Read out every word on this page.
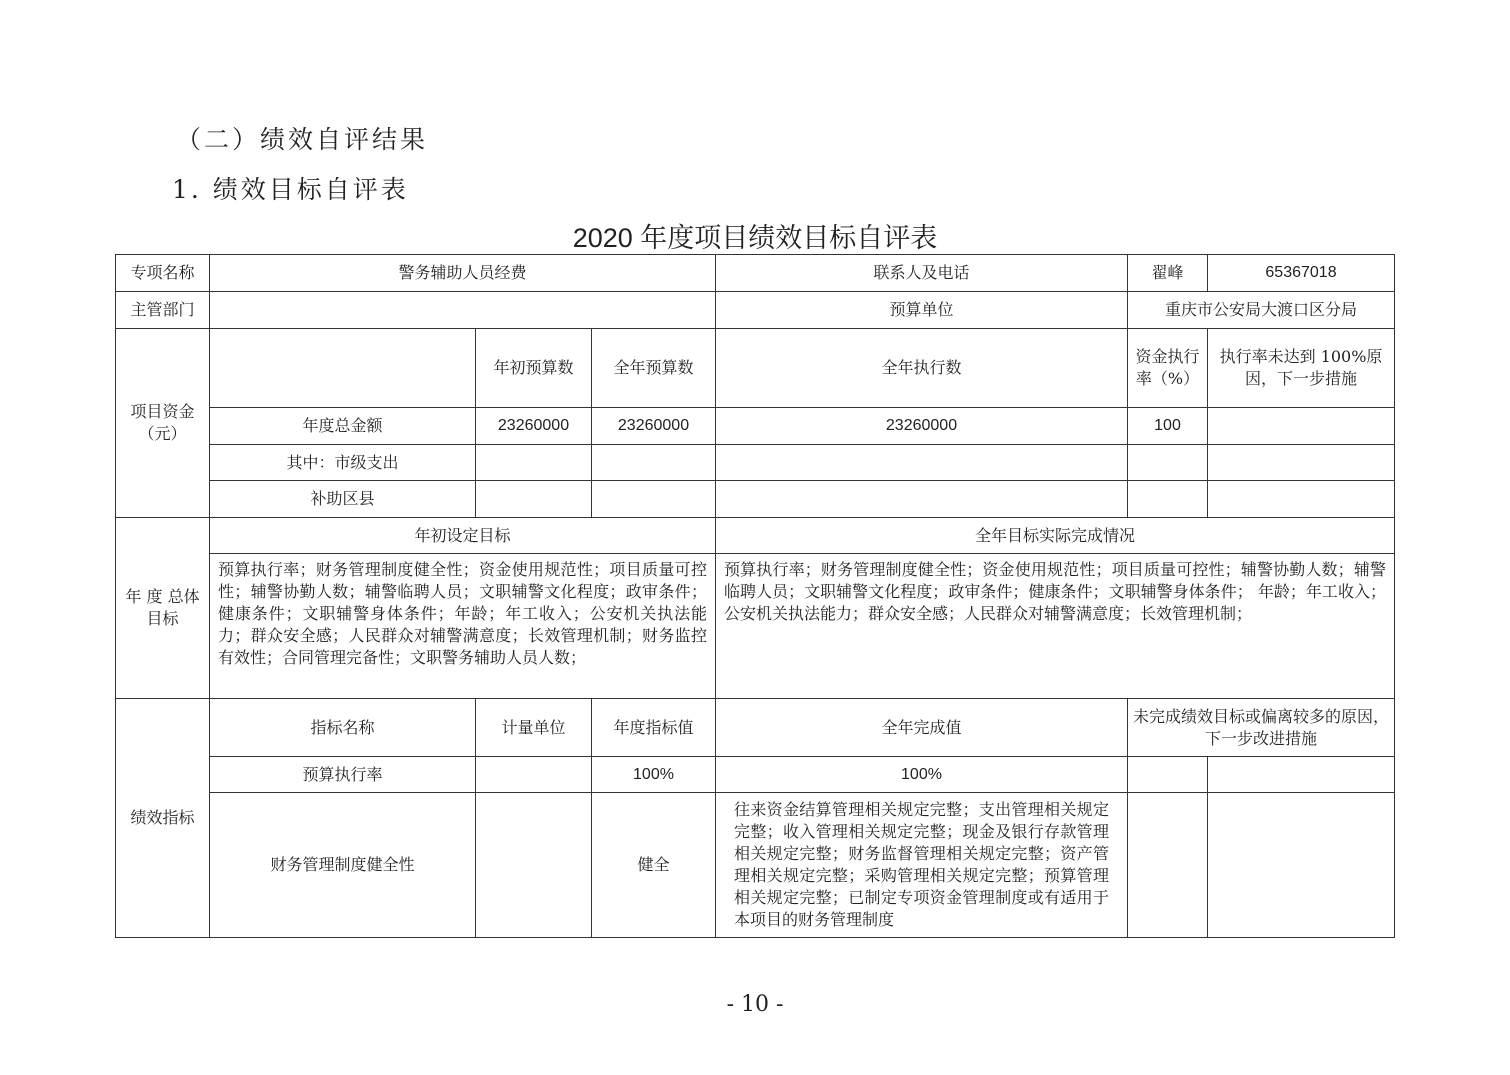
（二）绩效自评结果
1. 绩效目标自评表
2020 年度项目绩效目标自评表
专项名称	警务辅助人员经费			联系人及电话	翟峰	65367018
主管部门				预算单位	重庆市公安局大渡口区分局	
项目资金（元）		年初预算数	全年预算数	全年执行数	资金执行率（%）	执行率未达到 100%原因，下一步措施
	年度总金额	23260000	23260000	23260000	100	
	其中：市级支出					
	补助区县					
年 度 总体目标	年初设定目标			全年目标实际完成情况		
	预算执行率；财务管理制度健全性；资金使用规范性；项目质量可控性；辅警协勤人数；辅警临聘人员；文职辅警文化程度；政审条件；健康条件；文职辅警身体条件；年龄；年工收入；公安机关执法能力；群众安全感；人民群众对辅警满意度；长效管理机制；财务监控有效性；合同管理完备性；文职警务辅助人员人数；			预算执行率；财务管理制度健全性；资金使用规范性；项目质量可控性；辅警协勤人数；辅警临聘人员；文职辅警文化程度；政审条件；健康条件；文职辅警身体条件； 年龄；年工收入；公安机关执法能力；群众安全感；人民群众对辅警满意度；长效管理机制；		
绩效指标	指标名称	计量单位	年度指标值	全年完成值	未完成绩效目标或偏离较多的原因，下一步改进措施	
	预算执行率		100%	100%		
	财务管理制度健全性		健全	往来资金结算管理相关规定完整；支出管理相关规定完整；收入管理相关规定完整；现金及银行存款管理相关规定完整；财务监督管理相关规定完整；资产管理相关规定完整；采购管理相关规定完整；预算管理相关规定完整；已制定专项资金管理制度或有适用于本项目的财务管理制度		
- 10 -
